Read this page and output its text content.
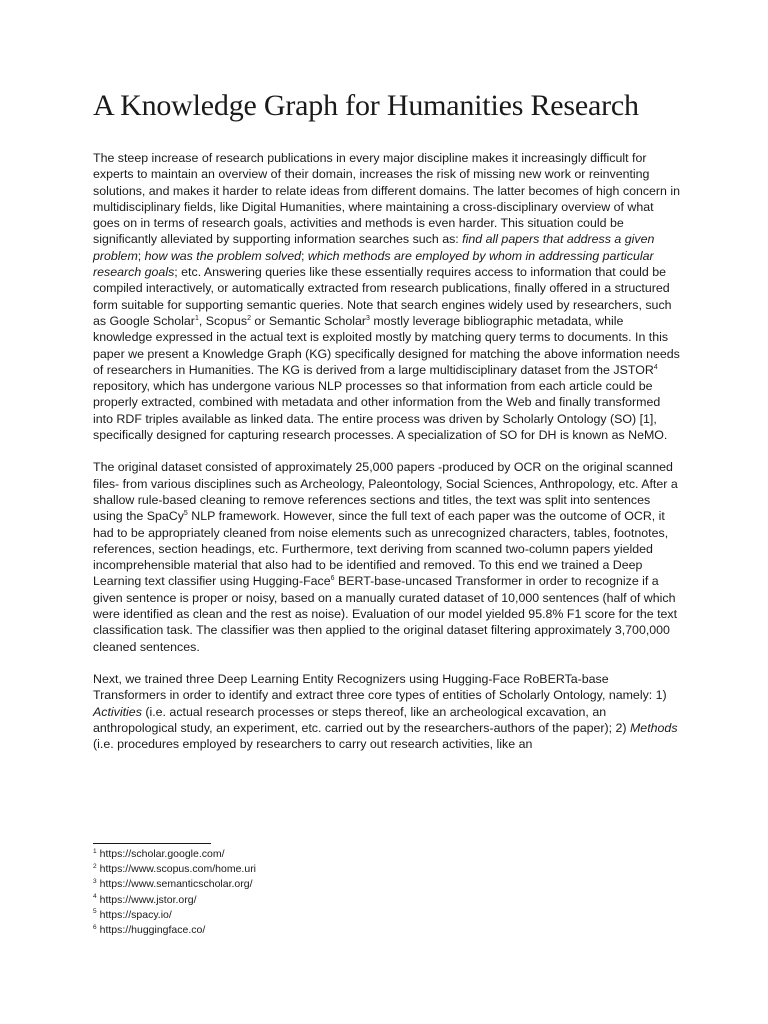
A Knowledge Graph for Humanities Research

The steep increase of research publications in every major discipline makes it increasingly difficult for experts to maintain an overview of their domain, increases the risk of missing new work or reinventing solutions, and makes it harder to relate ideas from different domains. The latter becomes of high concern in multidisciplinary fields, like Digital Humanities, where maintaining a cross-disciplinary overview of what goes on in terms of research goals, activities and methods is even harder. This situation could be significantly alleviated by supporting information searches such as: find all papers that address a given problem; how was the problem solved; which methods are employed by whom in addressing particular research goals; etc. Answering queries like these essentially requires access to information that could be compiled interactively, or automatically extracted from research publications, finally offered in a structured form suitable for supporting semantic queries. Note that search engines widely used by researchers, such as Google Scholar$^1$, Scopus$^2$ or Semantic Scholar$^3$ mostly leverage bibliographic metadata, while knowledge expressed in the actual text is exploited mostly by matching query terms to documents. In this paper we present a Knowledge Graph (KG) specifically designed for matching the above information needs of researchers in Humanities. The KG is derived from a large multidisciplinary dataset from the JSTOR$^4$ repository, which has undergone various NLP processes so that information from each article could be properly extracted, combined with metadata and other information from the Web and finally transformed into RDF triples available as linked data. The entire process was driven by Scholarly Ontology (SO) [1], specifically designed for capturing research processes. A specialization of SO for DH is known as NeMO.

The original dataset consisted of approximately 25,000 papers -produced by OCR on the original scanned files- from various disciplines such as Archeology, Paleontology, Social Sciences, Anthropology, etc. After a shallow rule-based cleaning to remove references sections and titles, the text was split into sentences using the SpaCy$^5$ NLP framework. However, since the full text of each paper was the outcome of OCR, it had to be appropriately cleaned from noise elements such as unrecognized characters, tables, footnotes, references, section headings, etc. Furthermore, text deriving from scanned two-column papers yielded incomprehensible material that also had to be identified and removed. To this end we trained a Deep Learning text classifier using Hugging-Face$^6$ BERT-base-uncased Transformer in order to recognize if a given sentence is proper or noisy, based on a manually curated dataset of 10,000 sentences (half of which were identified as clean and the rest as noise). Evaluation of our model yielded 95.8% F1 score for the text classification task. The classifier was then applied to the original dataset filtering approximately 3,700,000 cleaned sentences.

Next, we trained three Deep Learning Entity Recognizers using Hugging-Face RoBERTa-base Transformers in order to identify and extract three core types of entities of Scholarly Ontology, namely: 1) Activities (i.e. actual research processes or steps thereof, like an archeological excavation, an anthropological study, an experiment, etc. carried out by the researchers-authors of the paper); 2) Methods (i.e. procedures employed by researchers to carry out research activities, like an

$^1$ https://scholar.google.com/
$^2$ https://www.scopus.com/home.uri
$^3$ https://www.semanticscholar.org/
$^4$ https://www.jstor.org/
$^5$ https://spacy.io/
$^6$ https://huggingface.co/
